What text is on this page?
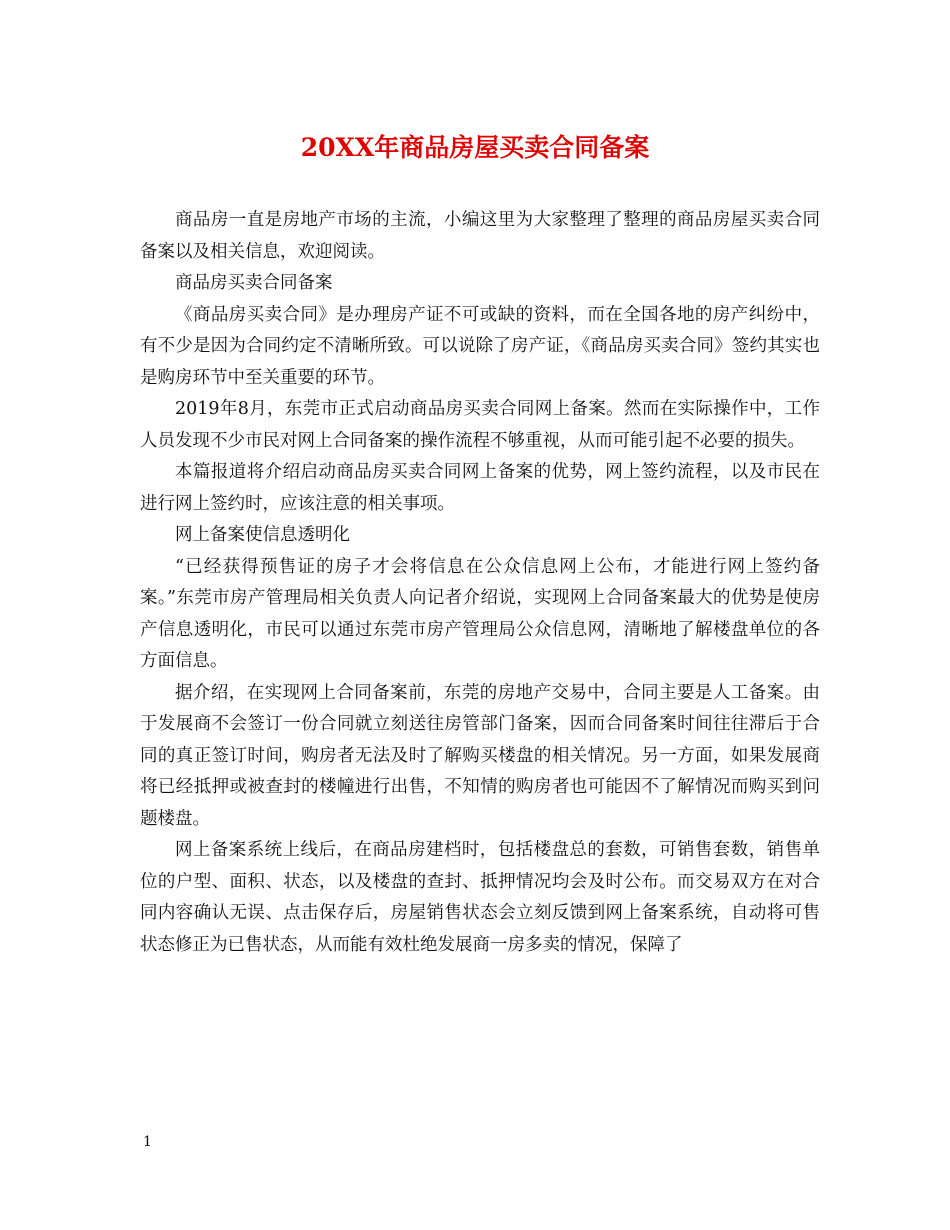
20XX年商品房屋买卖合同备案

商品房一直是房地产市场的主流，小编这里为大家整理了整理的商品房屋买卖合同备案以及相关信息，欢迎阅读。

商品房买卖合同备案

《商品房买卖合同》是办理房产证不可或缺的资料，而在全国各地的房产纠纷中，有不少是因为合同约定不清晰所致。可以说除了房产证，《商品房买卖合同》签约其实也是购房环节中至关重要的环节。

2019年8月，东莞市正式启动商品房买卖合同网上备案。然而在实际操作中，工作人员发现不少市民对网上合同备案的操作流程不够重视，从而可能引起不必要的损失。

本篇报道将介绍启动商品房买卖合同网上备案的优势，网上签约流程，以及市民在进行网上签约时，应该注意的相关事项。

网上备案使信息透明化

“已经获得预售证的房子才会将信息在公众信息网上公布，才能进行网上签约备案。”东莞市房产管理局相关负责人向记者介绍说，实现网上合同备案最大的优势是使房产信息透明化，市民可以通过东莞市房产管理局公众信息网，清晰地了解楼盘单位的各方面信息。

据介绍，在实现网上合同备案前，东莞的房地产交易中，合同主要是人工备案。由于发展商不会签订一份合同就立刻送往房管部门备案，因而合同备案时间往往滞后于合同的真正签订时间，购房者无法及时了解购买楼盘的相关情况。另一方面，如果发展商将已经抵押或被查封的楼幢进行出售，不知情的购房者也可能因不了解情况而购买到问题楼盘。

网上备案系统上线后，在商品房建档时，包括楼盘总的套数，可销售套数，销售单位的户型、面积、状态，以及楼盘的查封、抵押情况均会及时公布。而交易双方在对合同内容确认无误、点击保存后，房屋销售状态会立刻反馈到网上备案系统，自动将可售状态修正为已售状态，从而能有效杜绝发展商一房多卖的情况，保障了

1
